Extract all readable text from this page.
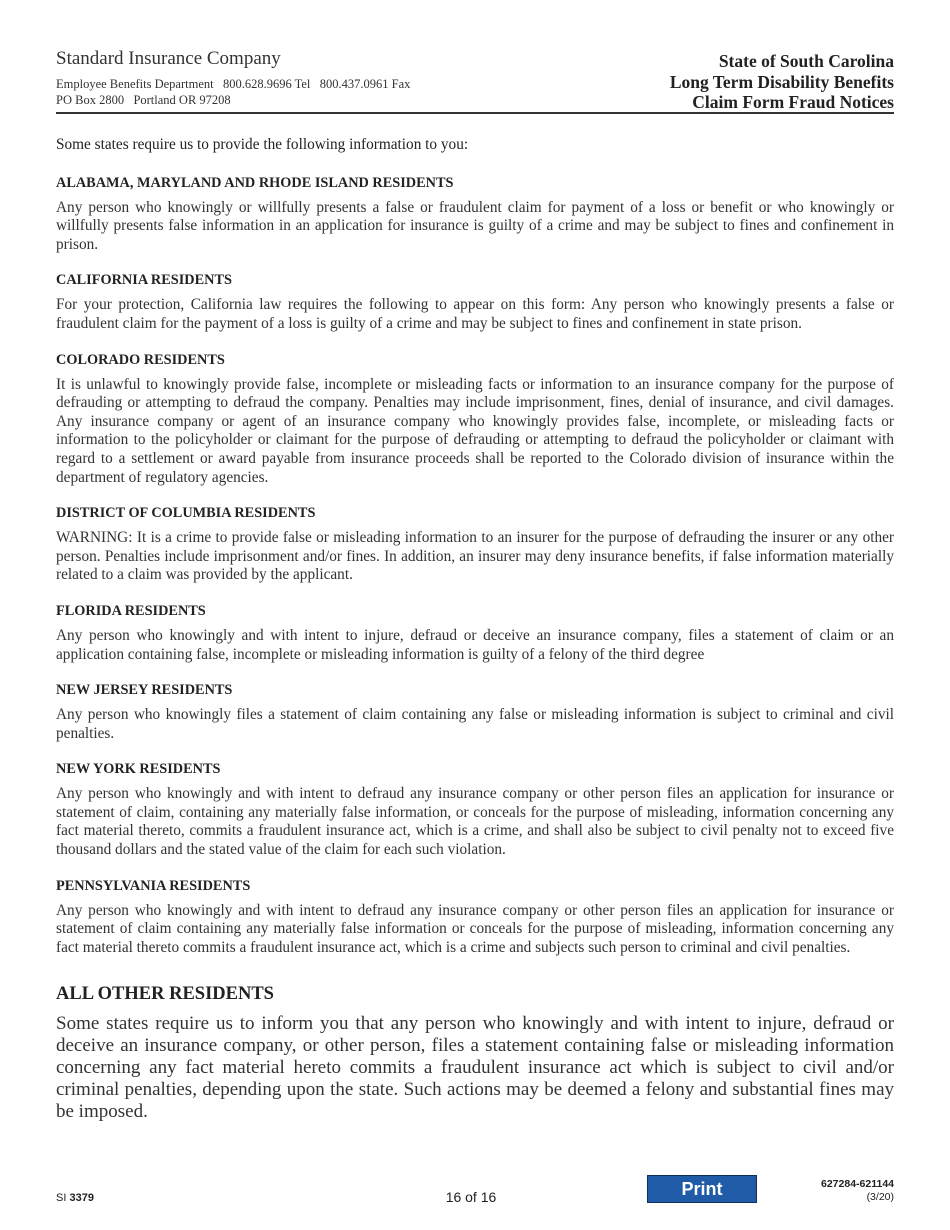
Standard Insurance Company
Employee Benefits Department   800.628.9696 Tel   800.437.0961 Fax
PO Box 2800   Portland OR 97208
State of South Carolina
Long Term Disability Benefits
Claim Form Fraud Notices

Some states require us to provide the following information to you:

ALABAMA, MARYLAND AND RHODE ISLAND RESIDENTS

Any person who knowingly or willfully presents a false or fraudulent claim for payment of a loss or benefit or who knowingly or willfully presents false information in an application for insurance is guilty of a crime and may be subject to fines and confinement in prison.

CALIFORNIA RESIDENTS

For your protection, California law requires the following to appear on this form: Any person who knowingly presents a false or fraudulent claim for the payment of a loss is guilty of a crime and may be subject to fines and confinement in state prison.

COLORADO RESIDENTS

It is unlawful to knowingly provide false, incomplete or misleading facts or information to an insurance company for the purpose of defrauding or attempting to defraud the company. Penalties may include imprisonment, fines, denial of insurance, and civil damages. Any insurance company or agent of an insurance company who knowingly provides false, incomplete, or misleading facts or information to the policyholder or claimant for the purpose of defrauding or attempting to defraud the policyholder or claimant with regard to a settlement or award payable from insurance proceeds shall be reported to the Colorado division of insurance within the department of regulatory agencies.

DISTRICT OF COLUMBIA RESIDENTS

WARNING: It is a crime to provide false or misleading information to an insurer for the purpose of defrauding the insurer or any other person. Penalties include imprisonment and/or fines. In addition, an insurer may deny insurance benefits, if false information materially related to a claim was provided by the applicant.

FLORIDA RESIDENTS

Any person who knowingly and with intent to injure, defraud or deceive an insurance company, files a statement of claim or an application containing false, incomplete or misleading information is guilty of a felony of the third degree

NEW JERSEY RESIDENTS

Any person who knowingly files a statement of claim containing any false or misleading information is subject to criminal and civil penalties.

NEW YORK RESIDENTS

Any person who knowingly and with intent to defraud any insurance company or other person files an application for insurance or statement of claim, containing any materially false information, or conceals for the purpose of misleading, information concerning any fact material thereto, commits a fraudulent insurance act, which is a crime, and shall also be subject to civil penalty not to exceed five thousand dollars and the stated value of the claim for each such violation.

PENNSYLVANIA RESIDENTS

Any person who knowingly and with intent to defraud any insurance company or other person files an application for insurance or statement of claim containing any materially false information or conceals for the purpose of misleading, information concerning any fact material thereto commits a fraudulent insurance act, which is a crime and subjects such person to criminal and civil penalties.

ALL OTHER RESIDENTS

Some states require us to inform you that any person who knowingly and with intent to injure, defraud or deceive an insurance company, or other person, files a statement containing false or misleading information concerning any fact material hereto commits a fraudulent insurance act which is subject to civil and/or criminal penalties, depending upon the state. Such actions may be deemed a felony and substantial fines may be imposed.

SI 3379	16 of 16	Print	627284-621144
(3/20)
